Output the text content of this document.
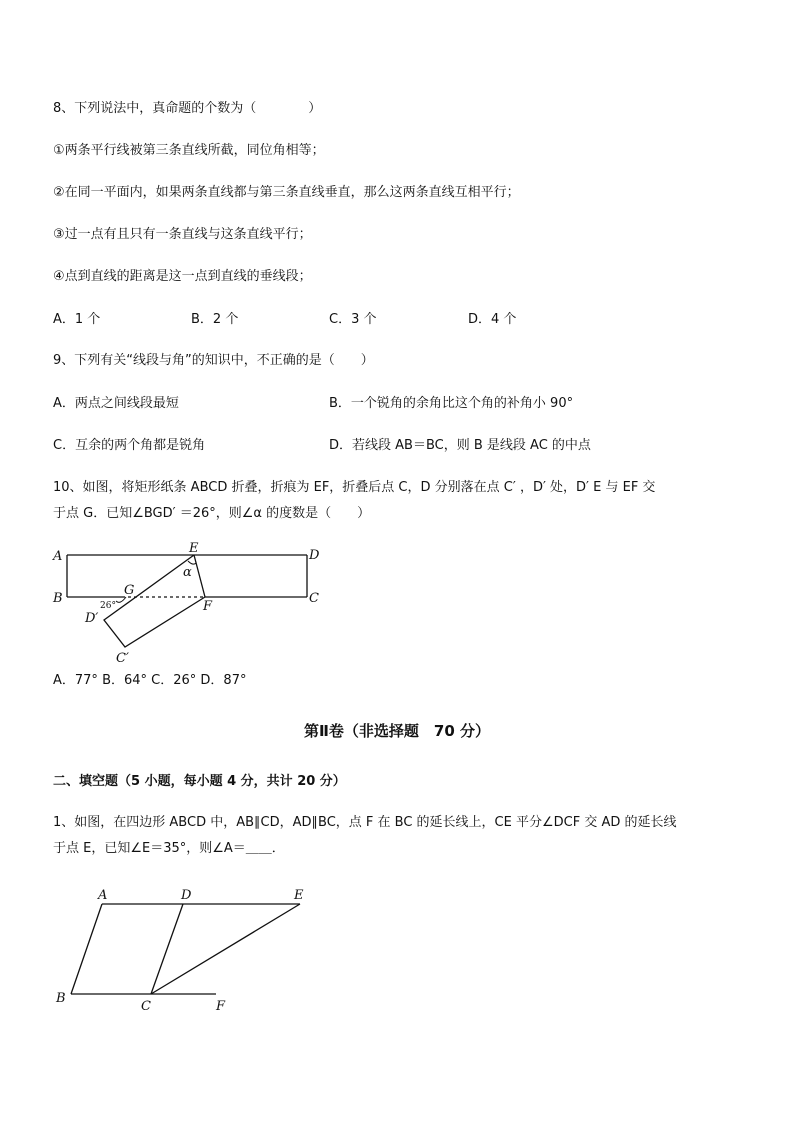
8、下列说法中，真命题的个数为（　　　　）
①两条平行线被第三条直线所截，同位角相等；
②在同一平面内，如果两条直线都与第三条直线垂直，那么这两条直线互相平行；
③过一点有且只有一条直线与这条直线平行；
④点到直线的距离是这一点到直线的垂线段；
A．1 个	B．2 个	C．3 个	D．4 个
9、下列有关“线段与角”的知识中，不正确的是（　　）
A．两点之间线段最短	B．一个锐角的余角比这个角的补角小 90°
C．互余的两个角都是锐角	D．若线段 AB＝BC，则 B 是线段 AC 的中点
10、如图，将矩形纸条 ABCD 折叠，折痕为 EF，折叠后点 C，D 分别落在点 C′ ，D′ 处，D′ E 与 EF 交
于点 G．已知∠BGD′ ＝26°，则∠α 的度数是（　　）
A
B	C
D
E
F
G
D′
C′
α
26°
A．77° B．64° C．26° D．87°
第Ⅱ卷（非选择题　70 分）
二、填空题（5 小题，每小题 4 分，共计 20 分）
1、如图，在四边形 ABCD 中，AB∥CD，AD∥BC，点 F 在 BC 的延长线上，CE 平分∠DCF 交 AD 的延长线
于点 E，已知∠E＝35°，则∠A＝＿＿．
A	D	E
B
C	F
